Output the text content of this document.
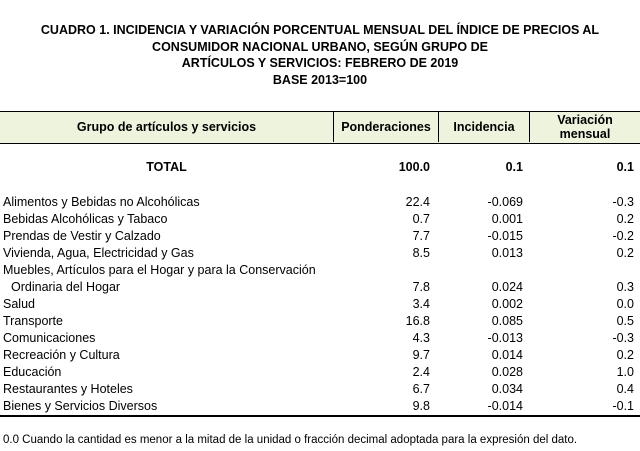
CUADRO 1. INCIDENCIA Y VARIACIÓN PORCENTUAL MENSUAL DEL ÍNDICE DE PRECIOS AL
CONSUMIDOR NACIONAL URBANO, SEGÚN GRUPO DE
ARTÍCULOS Y SERVICIOS: FEBRERO DE 2019
BASE 2013=100
Grupo de artículos y servicios	Ponderaciones	Incidencia	Variación
mensual
TOTAL	100.0	0.1	0.1
Alimentos y Bebidas no Alcohólicas	22.4	-0.069	-0.3
Bebidas Alcohólicas y Tabaco	0.7	0.001	0.2
Prendas de Vestir y Calzado	7.7	-0.015	-0.2
Vivienda, Agua, Electricidad y Gas	8.5	0.013	0.2
Muebles, Artículos para el Hogar y para la Conservación
Ordinaria del Hogar	7.8	0.024	0.3
Salud	3.4	0.002	0.0
Transporte	16.8	0.085	0.5
Comunicaciones	4.3	-0.013	-0.3
Recreación y Cultura	9.7	0.014	0.2
Educación	2.4	0.028	1.0
Restaurantes y Hoteles	6.7	0.034	0.4
Bienes y Servicios Diversos	9.8	-0.014	-0.1
0.0 Cuando la cantidad es menor a la mitad de la unidad o fracción decimal adoptada para la expresión del dato.
